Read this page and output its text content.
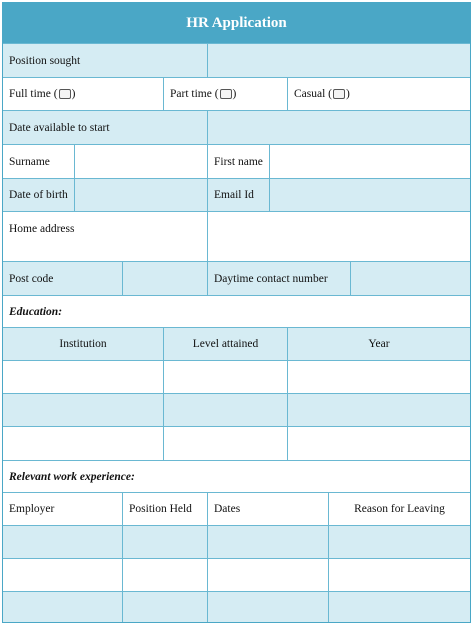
HR Application
Position sought
Full time ( )	Part time ( )	Casual ( )
Date available to start
Surname	First name
Date of birth	Email Id
Home address
Post code	Daytime contact number
Education:
Institution	Level attained	Year
Relevant work experience:
Employer	Position Held	Dates	Reason for Leaving
